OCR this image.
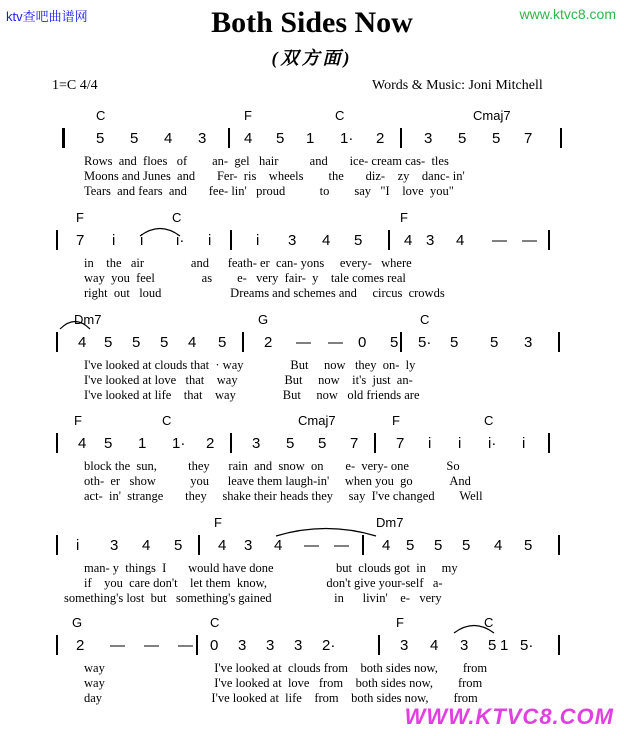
ktv查吧曲谱网	www.ktvc8.com
Both Sides Now
(双方面)
1=C 4/4	Words & Music: Joni Mitchell
C	F	C	Cmaj7
5 5 4 3	4 5 1 1· 2	3 5 5 7
Rows  and  floes   of        an-  gel   hair          and       ice- cream cas-  tles
Moons and Junes  and       Fer-  ris    wheels        the       diz-    zy    danc- in'
Tears  and fears  and       fee- lin'   proud           to        say   "I    love  you"
F	C	F
7 i i i· i	i 3 4 5	4 3 4 — —
in    the   air               and      feath- er  can- yons     every-   where
way  you  feel               as        e-   very  fair-  y    tale comes real
right  out   loud                      Dreams and schemes and     circus  crowds
Dm7	G	C
4 5 5 5 4 5	2 — — 0 5 5· 5 5 3
I've looked at clouds that  · way               But     now   they  on-  ly
I've looked at love   that    way               But     now    it's  just  an-
I've looked at life    that    way               But     now   old friends are
F	C	Cmaj7	F	C
4 5 1 1· 2	3 5 5 7	7 i i i· i
block the  sun,          they      rain  and  snow  on       e-  very- one            So
oth-  er   show           you      leave them laugh-in'     when you  go            And
act-  in'  strange       they     shake their heads they     say  I've changed        Well
F	Dm7
i 3 4 5 4 3 4 — — 4 5 5 5 4 5
man- y  things  I       would have done                    but  clouds got  in     my
if    you  care don't    let them  know,                   don't give your-self   a-
something's lost  but   something's gained                    in      livin'    e-   very
G	C	F	C
2 — — — 0 3 3 3 2·	3 4 3 5 5·
1
way                                   I've looked at  clouds from    both sides now,        from
way                                   I've looked at  love   from    both sides now,        from
day                                   I've looked at  life    from    both sides now,        from
WWW.KTVC8.COM
